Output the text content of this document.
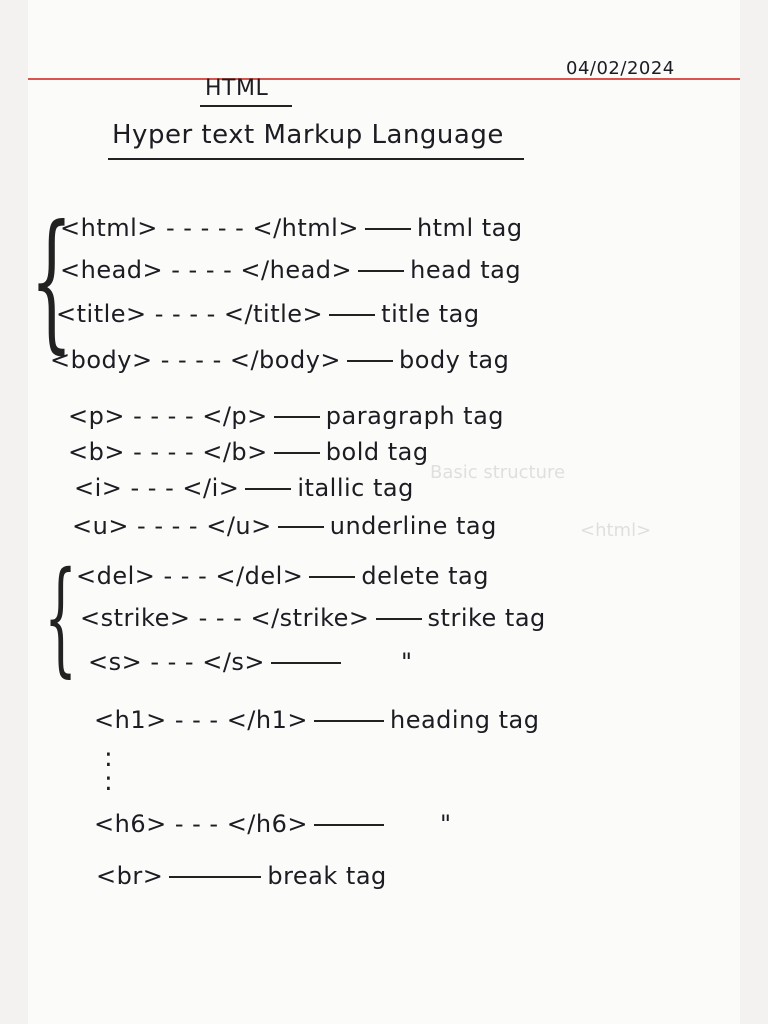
Basic structure
<html>
04/02/2024
HTML
Hyper text Markup Language
{
<html> - - - - - </html> html tag
<head> - - - - </head> head tag
<title> - - - - </title> title tag
<body> - - - - </body> body tag
<p> - - - - </p> paragraph tag
<b> - - - - </b> bold tag
<i> - - - </i> itallic tag
<u> - - - - </u> underline tag
{
<del> - - - </del> delete tag
<strike> - - - </strike> strike tag
<s> - - - </s>	"
<h1> - - - </h1>	heading tag
:
:
<h6> - - - </h6>	"
<br>	break tag
